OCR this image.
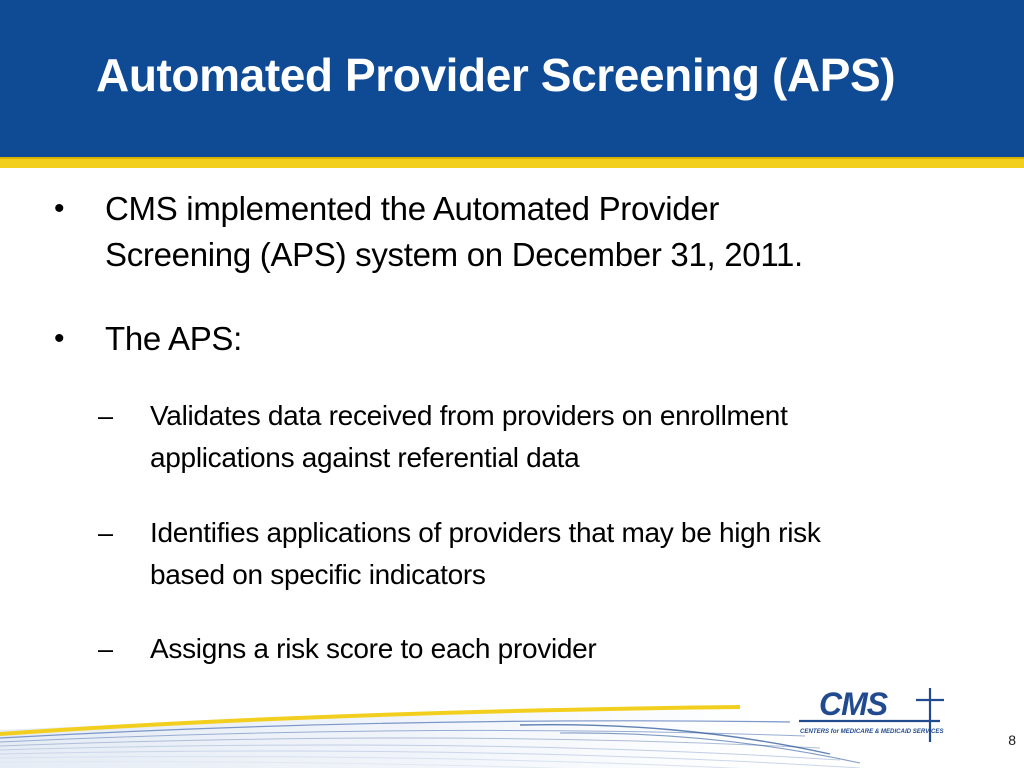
Automated Provider Screening (APS)
• CMS implemented the Automated Provider
Screening (APS) system on December 31, 2011.
• The APS:
– Validates data received from providers on enrollment
applications against referential data
– Identifies applications of providers that may be high risk
based on specific indicators
– Assigns a risk score to each provider
CMS
CENTERS for MEDICARE & MEDICAID SERVICES
8
